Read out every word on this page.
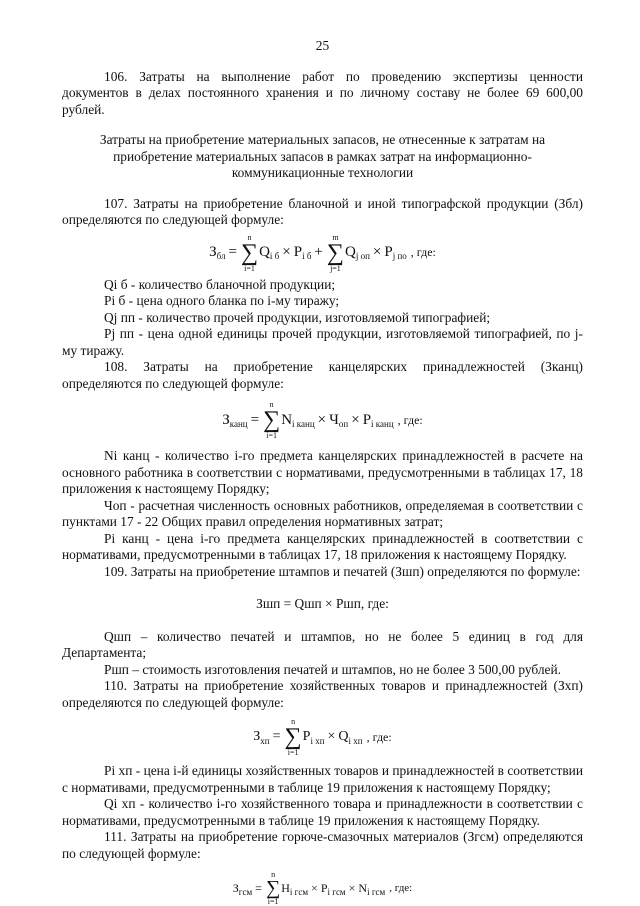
25

106. Затраты на выполнение работ по проведению экспертизы ценности документов в делах постоянного хранения и по личному составу не более 69 600,00 рублей.

Затраты на приобретение материальных запасов, не отнесенные к затратам на приобретение материальных запасов в рамках затрат на информационно-коммуникационные технологии

107. Затраты на приобретение бланочной и иной типографской продукции (Збл) определяются по следующей формуле:

З бл =
n
∑
i=1
Q i б × P i б +
m
∑
j=1
Q j оп × P j по , где:

Qi б - количество бланочной продукции;

Pi б - цена одного бланка по i-му тиражу;

Qj пп - количество прочей продукции, изготовляемой типографией;

Pj пп - цена одной единицы прочей продукции, изготовляемой типографией, по j-му тиражу.

108. Затраты на приобретение канцелярских принадлежностей (Зканц) определяются по следующей формуле:

З канц =
n
∑
i=1
N i канц × Ч оп × P i канц , где:

Ni канц - количество i-го предмета канцелярских принадлежностей в расчете на основного работника в соответствии с нормативами, предусмотренными в таблицах 17, 18 приложения к настоящему Порядку;

Чоп - расчетная численность основных работников, определяемая в соответствии с пунктами 17 - 22 Общих правил определения нормативных затрат;

Pi канц - цена i-го предмета канцелярских принадлежностей в соответствии с нормативами, предусмотренными в таблицах 17, 18 приложения к настоящему Порядку.

109. Затраты на приобретение штампов и печатей (Зшп) определяются по формуле:

Зшп = Qшп × Pшп, где:

Qшп – количество печатей и штампов, но не более 5 единиц в год для Департамента;

Pшп – стоимость изготовления печатей и штампов, но не более 3 500,00 рублей.

110. Затраты на приобретение хозяйственных товаров и принадлежностей (Зхп) определяются по следующей формуле:

З хп =
n
∑
i=1
P i хп × Q i хп , где:

Pi хп - цена i-й единицы хозяйственных товаров и принадлежностей в соответствии с нормативами, предусмотренными в таблице 19 приложения к настоящему Порядку;

Qi хп - количество i-го хозяйственного товара и принадлежности в соответствии с нормативами, предусмотренными в таблице 19 приложения к настоящему Порядку.

111. Затраты на приобретение горюче-смазочных материалов (Згсм) определяются по следующей формуле:

З гсм =
n
∑
i=1
Н i гсм × P i гсм × N i гсм , где:
